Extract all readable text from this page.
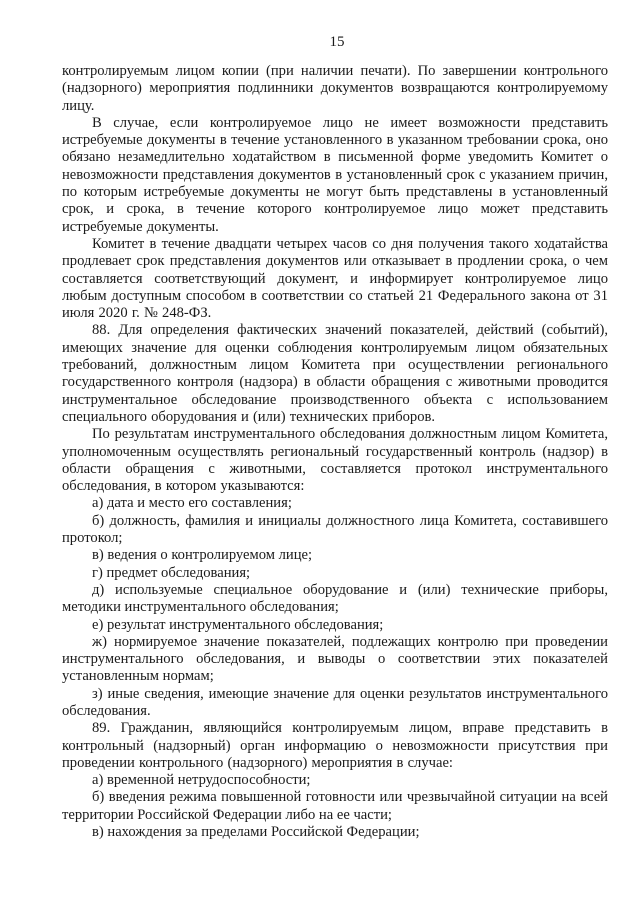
15

контролируемым лицом копии (при наличии печати). По завершении контрольного (надзорного) мероприятия подлинники документов возвращаются контролируемому лицу.

В случае, если контролируемое лицо не имеет возможности представить истребуемые документы в течение установленного в указанном требовании срока, оно обязано незамедлительно ходатайством в письменной форме уведомить Комитет о невозможности представления документов в установленный срок с указанием причин, по которым истребуемые документы не могут быть представлены в установленный срок, и срока, в течение которого контролируемое лицо может представить истребуемые документы.

Комитет в течение двадцати четырех часов со дня получения такого ходатайства продлевает срок представления документов или отказывает в продлении срока, о чем составляется соответствующий документ, и информирует контролируемое лицо любым доступным способом в соответствии со статьей 21 Федерального закона от 31 июля 2020 г. № 248-ФЗ.

88. Для определения фактических значений показателей, действий (событий), имеющих значение для оценки соблюдения контролируемым лицом обязательных требований, должностным лицом Комитета при осуществлении регионального государственного контроля (надзора) в области обращения с животными проводится инструментальное обследование производственного объекта с использованием специального оборудования и (или) технических приборов.

По результатам инструментального обследования должностным лицом Комитета, уполномоченным осуществлять региональный государственный контроль (надзор) в области обращения с животными, составляется протокол инструментального обследования, в котором указываются:

а) дата и место его составления;

б) должность, фамилия и инициалы должностного лица Комитета, составившего протокол;

в) ведения о контролируемом лице;

г) предмет обследования;

д) используемые специальное оборудование и (или) технические приборы, методики инструментального обследования;

е) результат инструментального обследования;

ж) нормируемое значение показателей, подлежащих контролю при проведении инструментального обследования, и выводы о соответствии этих показателей установленным нормам;

з) иные сведения, имеющие значение для оценки результатов инструментального обследования.

89. Гражданин, являющийся контролируемым лицом, вправе представить в контрольный (надзорный) орган информацию о невозможности присутствия при проведении контрольного (надзорного) мероприятия в случае:

а) временной нетрудоспособности;

б) введения режима повышенной готовности или чрезвычайной ситуации на всей территории Российской Федерации либо на ее части;

в) нахождения за пределами Российской Федерации;
